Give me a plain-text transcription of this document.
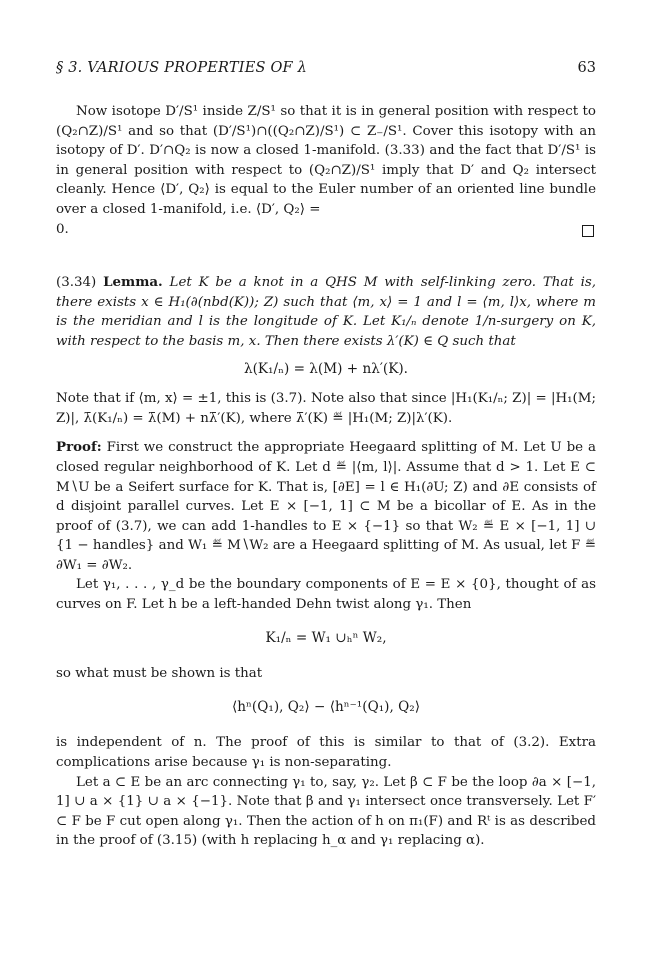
§ 3. VARIOUS PROPERTIES OF λ	63

Now isotope D′/S¹ inside Z/S¹ so that it is in general position with respect to (Q₂∩Z)/S¹ and so that (D′/S¹)∩((Q₂∩Z)/S¹) ⊂ Z₋/S¹. Cover this isotopy with an isotopy of D′. D′∩Q₂ is now a closed 1-manifold. (3.33) and the fact that D′/S¹ is in general position with respect to (Q₂∩Z)/S¹ imply that D′ and Q₂ intersect cleanly. Hence ⟨D′, Q₂⟩ is equal to the Euler number of an oriented line bundle over a closed 1-manifold, i.e. ⟨D′, Q₂⟩ =

0.

(3.34) Lemma. Let K be a knot in a QHS M with self-linking zero. That is, there exists x ∈ H₁(∂(nbd(K)); Z) such that ⟨m, x⟩ = 1 and l = ⟨m, l⟩x, where m is the meridian and l is the longitude of K. Let K₁/ₙ denote 1/n-surgery on K, with respect to the basis m, x. Then there exists λ′(K) ∈ Q such that

λ(K₁/ₙ) = λ(M) + nλ′(K).

Note that if ⟨m, x⟩ = ±1, this is (3.7). Note also that since |H₁(K₁/ₙ; Z)| = |H₁(M; Z)|, λ̄(K₁/ₙ) = λ̄(M) + nλ̄′(K), where λ̄′(K) ≝ |H₁(M; Z)|λ′(K).

Proof: First we construct the appropriate Heegaard splitting of M. Let U be a closed regular neighborhood of K. Let d ≝ |⟨m, l⟩|. Assume that d > 1. Let E ⊂ M∖U be a Seifert surface for K. That is, [∂E] = l ∈ H₁(∂U; Z) and ∂E consists of d disjoint parallel curves. Let E × [−1, 1] ⊂ M be a bicollar of E. As in the proof of (3.7), we can add 1-handles to E × {−1} so that W₂ ≝ E × [−1, 1] ∪ {1 − handles} and W₁ ≝ M∖W₂ are a Heegaard splitting of M. As usual, let F ≝ ∂W₁ = ∂W₂.

Let γ₁, . . . , γ_d be the boundary components of E = E × {0}, thought of as curves on F. Let h be a left-handed Dehn twist along γ₁. Then

K₁/ₙ = W₁ ∪ₕⁿ W₂,

so what must be shown is that

⟨hⁿ(Q₁), Q₂⟩ − ⟨hⁿ⁻¹(Q₁), Q₂⟩

is independent of n. The proof of this is similar to that of (3.2). Extra complications arise because γ₁ is non-separating.

Let a ⊂ E be an arc connecting γ₁ to, say, γ₂. Let β ⊂ F be the loop ∂a × [−1, 1] ∪ a × {1} ∪ a × {−1}. Note that β and γ₁ intersect once transversely. Let F′ ⊂ F be F cut open along γ₁. Then the action of h on π₁(F) and Rᵗ is as described in the proof of (3.15) (with h replacing h_α and γ₁ replacing α).
